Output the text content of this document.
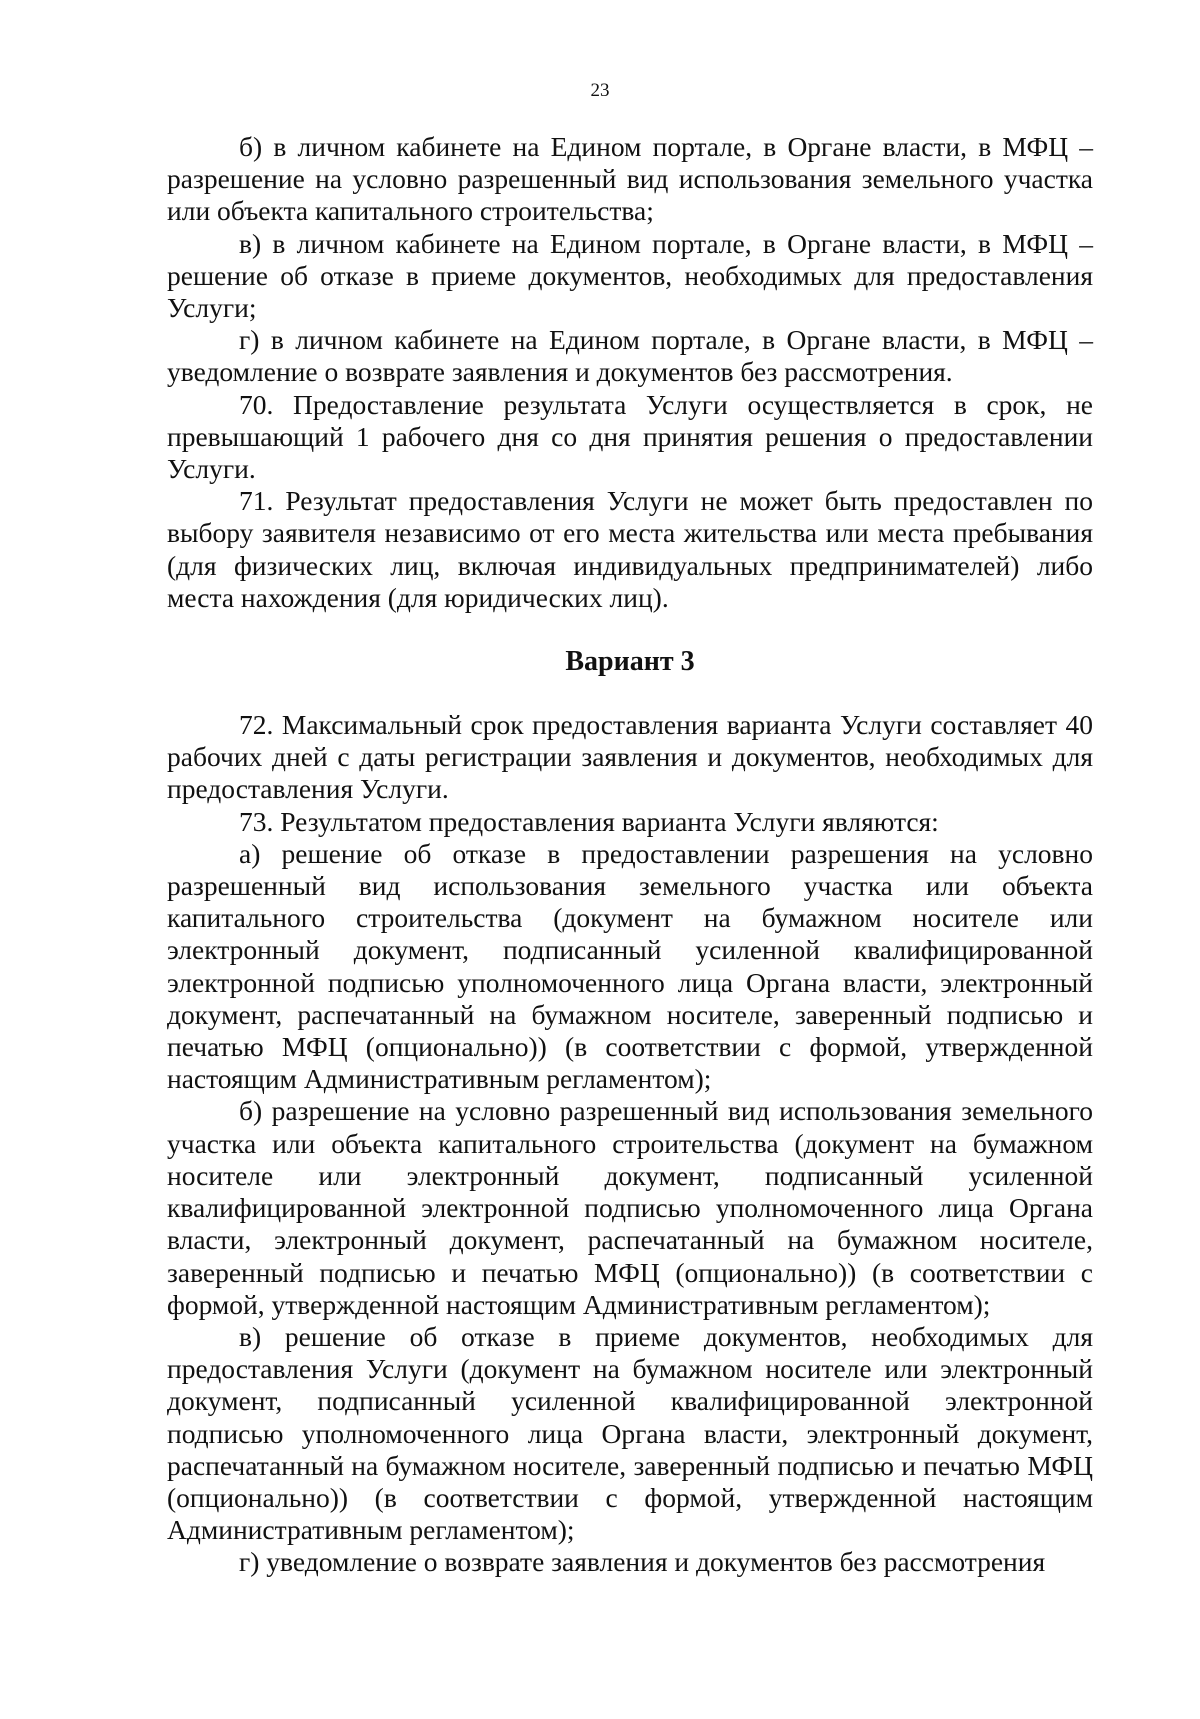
23

б) в личном кабинете на Едином портале, в Органе власти, в МФЦ – разрешение на условно разрешенный вид использования земельного участка или объекта капитального строительства;

в) в личном кабинете на Едином портале, в Органе власти, в МФЦ – решение об отказе в приеме документов, необходимых для предоставления Услуги;

г) в личном кабинете на Едином портале, в Органе власти, в МФЦ – уведомление о возврате заявления и документов без рассмотрения.

70. Предоставление результата Услуги осуществляется в срок, не превышающий 1 рабочего дня со дня принятия решения о предоставлении Услуги.

71. Результат предоставления Услуги не может быть предоставлен по выбору заявителя независимо от его места жительства или места пребывания (для физических лиц, включая индивидуальных предпринимателей) либо места нахождения (для юридических лиц).

Вариант 3

72. Максимальный срок предоставления варианта Услуги составляет 40 рабочих дней с даты регистрации заявления и документов, необходимых для предоставления Услуги.

73. Результатом предоставления варианта Услуги являются:

а) решение об отказе в предоставлении разрешения на условно разрешенный вид использования земельного участка или объекта капитального строительства (документ на бумажном носителе или электронный документ, подписанный усиленной квалифицированной электронной подписью уполномоченного лица Органа власти, электронный документ, распечатанный на бумажном носителе, заверенный подписью и печатью МФЦ (опционально)) (в соответствии с формой, утвержденной настоящим Административным регламентом);

б) разрешение на условно разрешенный вид использования земельного участка или объекта капитального строительства (документ на бумажном носителе или электронный документ, подписанный усиленной квалифицированной электронной подписью уполномоченного лица Органа власти, электронный документ, распечатанный на бумажном носителе, заверенный подписью и печатью МФЦ (опционально)) (в соответствии с формой, утвержденной настоящим Административным регламентом);

в) решение об отказе в приеме документов, необходимых для предоставления Услуги (документ на бумажном носителе или электронный документ, подписанный усиленной квалифицированной электронной подписью уполномоченного лица Органа власти, электронный документ, распечатанный на бумажном носителе, заверенный подписью и печатью МФЦ (опционально)) (в соответствии с формой, утвержденной настоящим Административным регламентом);

г) уведомление о возврате заявления и документов без рассмотрения
